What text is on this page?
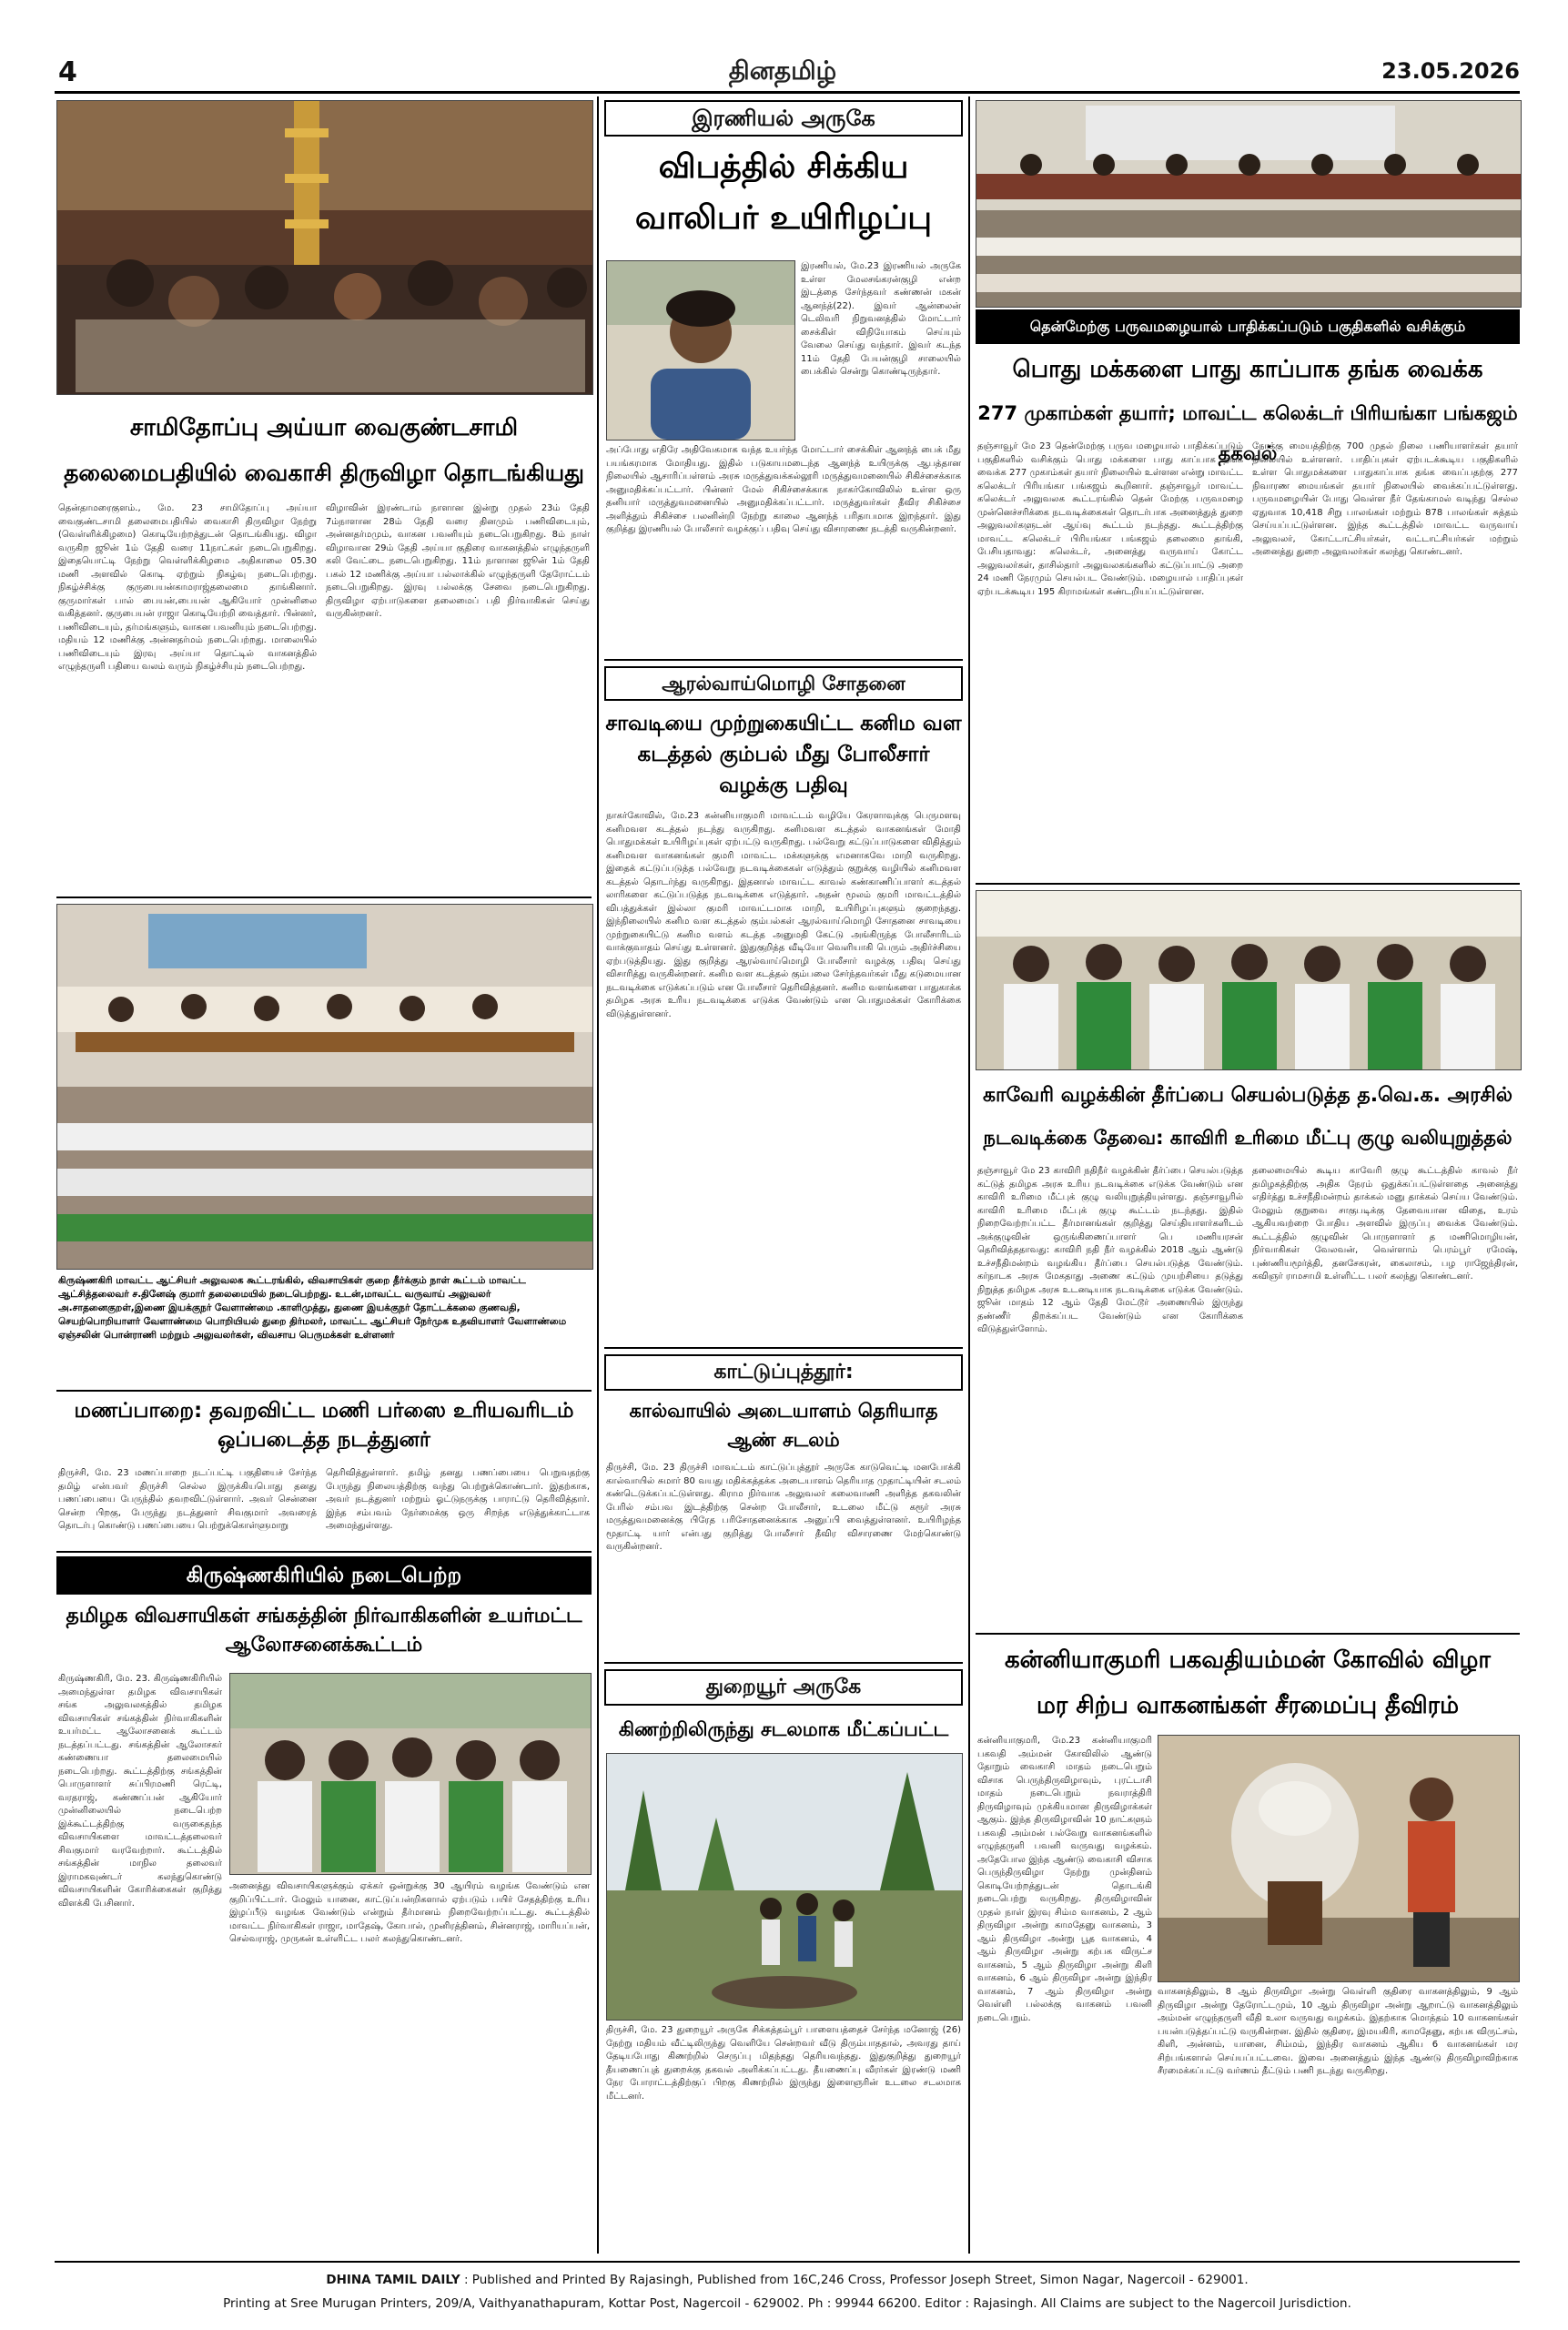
4	தினதமிழ்	23.05.2026
சாமிதோப்பு அய்யா வைகுண்டசாமி
தலைமைபதியில் வைகாசி திருவிழா தொடங்கியது
தென்தாமரைகுளம்., மே. 23 சாமிதோப்பு அய்யா வைகுண்டசாமி தலைமைபதியில் வைகாசி திருவிழா நேற்று (வெள்ளிக்கிழமை) கொடியேற்றத்துடன் தொடங்கியது. விழா வருகிற ஜூன் 1ம் தேதி வரை 11நாட்கள் நடைபெறுகிறது. இதையொட்டி நேற்று வெள்ளிக்கிழமை அதிகாலை 05.30 மணி அளவில் கொடி ஏற்றும் நிகழ்வு நடைபெற்றது. நிகழ்ச்சிக்கு குருபையன்காமராஜ்தலைமை தாங்கினார். குருமார்கள் பால் பையன்,பையன் ஆகியோர் முன்னிலை வகித்தனர். குருபையன் ராஜா கொடியேற்றி வைத்தார். பின்னர், பணிவிடையும், தர்மங்களும், வாகன பவனியும் நடைபெற்றது. மதியம் 12 மணிக்கு அன்னதர்மம் நடைபெற்றது. மாலையில் பணிவிடையும் இரவு அய்யா தொட்டில் வாகனத்தில் எழுந்தருளி பதியை வலம் வரும் நிகழ்ச்சியும் நடைபெற்றது.
விழாவின் இரண்டாம் நாளான இன்று முதல் 23ம் தேதி 7ம்நாளான 28ம் தேதி வரை தினமும் பணிவிடையும், அன்னதர்மமும், வாகன பவனியும் நடைபெறுகிறது. 8ம் நாள் விழாவான 29ம் தேதி அய்யா குதிரை வாகனத்தில் எழுந்தருளி கலி வேட்டை நடைபெறுகிறது. 11ம் நாளான ஜூன் 1ம் தேதி பகல் 12 மணிக்கு அய்யா பல்லாக்கில் எழுந்தருளி தேரோட்டம் நடைபெறுகிறது. இரவு பல்லக்கு சேவை நடைபெறுகிறது. திருவிழா ஏற்பாடுகளை தலைமைப் பதி நிர்வாகிகள் செய்து வருகின்றனர்.
கிருஷ்ணகிரி மாவட்ட ஆட்சியர் அலுவலக கூட்டரங்கில், விவசாயிகள் குறை தீர்க்கும் நாள் கூட்டம் மாவட்ட ஆட்சித்தலைவர் ச.தினேஷ் குமார் தலைமையில் நடைபெற்றது. உடன்,மாவட்ட வருவாய் அலுவலர் அ.சாதனைகுறள்,இணை இயக்குநர் வேளாண்மை .காளிமுத்து, துணை இயக்குநர் தோட்டக்கலை குணவதி, செயற்பொறியாளர் வேளாண்மை பொறியியல் துறை திர்மலர், மாவட்ட ஆட்சியர் நேர்முக உதவியாளர் வேளாண்மை ஏஞ்சலின் பொன்ராணி மற்றும் அலுவலர்கள், விவசாய பெருமக்கள் உள்ளனர்
மணப்பாறை: தவறவிட்ட மணி பர்ஸை உரியவரிடம் ஒப்படைத்த நடத்துனர்
திருச்சி, மே. 23 மணப்பாறை நடப்பட்டி பகுதியைச் சேர்ந்த தமிழ் என்பவர் திருச்சி செல்ல இருக்கியபொது தனது பணப்பையை பேருந்தில் தவறவிட்டுள்ளார். அவர் சென்னை சென்ற பிறகு, பேருந்து நடத்துனர் சிவகுமார் அவரைத் தொடர்பு கொண்டு பணப்பையை பெற்றுக்கொள்ளுமாறு
தெரிவித்துள்ளார். தமிழ் தனது பணப்பையை பெறுவதற்கு பேருந்து நிலையத்திற்கு வந்து பெற்றுக்கொண்டார். இதற்காக, அவர் நடத்துனர் மற்றும் ஓட்டுநருக்கு பாராட்டு தெரிவித்தார். இந்த சம்பவம் நேர்மைக்கு ஒரு சிறந்த எடுத்துக்காட்டாக அமைந்துள்ளது.
கிருஷ்ணகிரியில் நடைபெற்ற
தமிழக விவசாயிகள் சங்கத்தின் நிர்வாகிகளின் உயர்மட்ட ஆலோசனைக்கூட்டம்
கிருஷ்ணகிரி, மே. 23. கிருஷ்ணகிரியில் அமைந்துள்ள தமிழக விவசாயிகள் சங்க அலுவலகத்தில் தமிழக விவசாயிகள் சங்கத்தின் நிர்வாகிகளின் உயர்மட்ட ஆலோசனைக் கூட்டம் நடத்தப்பட்டது. சங்கத்தின் ஆலோசகர் கண்ணையா தலைமையில் நடைபெற்றது. கூட்டத்திற்கு சங்கத்தின் பொருளாளர் சுப்பிரமணி ரெட்டி, வரதராஜ், கண்ணப்பன் ஆகியோர் முன்னிலையில் நடைபெற்ற இக்கூட்டத்திற்கு வருகைதந்த விவசாயிகளை மாவட்டத்தலைவர் சிவகுமார் வரவேற்றார். கூட்டத்தில் சங்கத்தின் மாநில தலைவர் இராமகவுண்டர் கலந்துகொண்டு விவசாயிகளின் கோரிக்கைகள் குறித்து விளக்கி பேசினார்.
அனைத்து விவசாயிகளுக்கும் ஏக்கர் ஒன்றுக்கு 30 ஆயிரம் வழங்க வேண்டும் என குறிப்பிட்டார். மேலும் யானை, காட்டுப்பன்றிகளால் ஏற்படும் பயிர் சேதத்திற்கு உரிய இழப்பீடு வழங்க வேண்டும் என்றும் தீர்மானம் நிறைவேற்றப்பட்டது. கூட்டத்தில் மாவட்ட நிர்வாகிகள் ராஜா, மாதேஷ், கோபால், முனிரத்தினம், சின்னராஜ், மாரியப்பன், செல்வராஜ், முருகன் உள்ளிட்ட பலர் கலந்துகொண்டனர்.
இரணியல் அருகே
விபத்தில் சிக்கிய வாலிபர் உயிரிழப்பு
இரணியல், மே.23 இரணியல் அருகே உள்ள மேலசங்கரன்குழி என்ற இடத்தை சேர்ந்தவர் கண்ணன் மகன் ஆனந்த்(22). இவர் ஆன்லைன் டெலிவரி நிறுவனத்தில் மோட்டார் சைக்கிள் விநியோகம் செய்யும் வேலை செய்து வந்தார். இவர் கடந்த 11ம் தேதி பேயன்குழி சாலையில் பைக்கில் சென்று கொண்டிருந்தார்.
அப்போது எதிரே அதிவேகமாக வந்த உயர்ந்த மோட்டார் சைக்கிள் ஆனந்த் பைக் மீது பயங்கரமாக மோதியது. இதில் படுகாயமடைந்த ஆனந்த் உயிருக்கு ஆபத்தான நிலையில் ஆசாரிப்பள்ளம் அரசு மருத்துவக்கல்லூரி மருத்துவமனையில் சிகிச்சைக்காக அனுமதிக்கப்பட்டார். பின்னர் மேல் சிகிச்சைக்காக நாகர்கோவிலில் உள்ள ஒரு தனியார் மருத்துவமனையில் அனுமதிக்கப்பட்டார். மருத்துவர்கள் தீவிர சிகிச்சை அளித்தும் சிகிச்சை பலனின்றி நேற்று காலை ஆனந்த் பரிதாபமாக இறந்தார். இது குறித்து இரணியல் போலீசார் வழக்குப் பதிவு செய்து விசாரணை நடத்தி வருகின்றனர்.
ஆரல்வாய்மொழி சோதனை
சாவடியை முற்றுகையிட்ட கனிம வள கடத்தல் கும்பல் மீது போலீசார் வழக்கு பதிவு
நாகர்கோவில், மே.23 கன்னியாகுமரி மாவட்டம் வழியே கேரளாவுக்கு பெருமளவு கனிமவள கடத்தல் நடந்து வருகிறது. கனிமவள கடத்தல் வாகனங்கள் மோதி பொதுமக்கள் உயிரிழப்புகள் ஏற்பட்டு வருகிறது. பல்வேறு கட்டுப்பாடுகளை விதித்தும் கனிமவள வாகனங்கள் குமரி மாவட்ட மக்களுக்கு எமனாகவே மாறி வருகிறது. இதைக் கட்டுப்படுத்த பல்வேறு நடவடிக்கைகள் எடுத்தும் குறுக்கு வழியில் கனிமவள கடத்தல் தொடர்ந்து வருகிறது. இதனால் மாவட்ட காவல் கண்காணிப்பாளர் கடத்தல் லாரிகளை கட்டுப்படுத்த நடவடிக்கை எடுத்தார். அதன் மூலம் குமரி மாவட்டத்தில் விபத்துக்கள் இல்லா குமரி மாவட்டமாக மாறி, உயிரிழப்புகளும் குறைந்தது. இந்நிலையில் கனிம வள கடத்தல் கும்பல்கள் ஆரல்வாய்மொழி சோதனை சாவடியை முற்றுகையிட்டு கனிம வளம் கடத்த அனுமதி கேட்டு அங்கிருந்த போலீசாரிடம் வாக்குவாதம் செய்து உள்ளனர். இதுகுறித்த வீடியோ வெளியாகி பெரும் அதிர்ச்சியை ஏற்படுத்தியது. இது குறித்து ஆரல்வாய்மொழி போலீசார் வழக்கு பதிவு செய்து விசாரித்து வருகின்றனர். கனிம வள கடத்தல் கும்பலை சேர்ந்தவர்கள் மீது கடுமையான நடவடிக்கை எடுக்கப்படும் என போலீசார் தெரிவித்தனர். கனிம வளங்களை பாதுகாக்க தமிழக அரசு உரிய நடவடிக்கை எடுக்க வேண்டும் என பொதுமக்கள் கோரிக்கை விடுத்துள்ளனர்.
காட்டுப்புத்தூர்:
கால்வாயில் அடையாளம் தெரியாத ஆண் சடலம்
திருச்சி, மே. 23 திருச்சி மாவட்டம் காட்டுப்புத்தூர் அருகே காடுவெட்டி மனபோக்கி கால்வாயில் சுமார் 80 வயது மதிக்கத்தக்க அடையாளம் தெரியாத முதாட்டியின் சடலம் கண்டெடுக்கப்பட்டுள்ளது. கிராம நிர்வாக அலுவலர் கலைவாணி அளித்த தகவலின் பேரில் சம்பவ இடத்திற்கு சென்ற போலீசார், உடலை மீட்டு கரூர் அரசு மருத்துவமனைக்கு பிரேத பரிசோதனைக்காக அனுப்பி வைத்துள்ளனர். உயிரிழந்த மூதாட்டி யார் என்பது குறித்து போலீசார் தீவிர விசாரணை மேற்கொண்டு வருகின்றனர்.
துறையூர் அருகே
கிணற்றிலிருந்து சடலமாக மீட்கப்பட்ட
திருச்சி, மே. 23 துறையூர் அருகே சிக்கத்தம்பூர் பாளையத்தைச் சேர்ந்த மனோஜ் (26) நேற்று மதியம் வீட்டிலிருந்து வெளியே சென்றவர் வீடு திரும்பாததால், அவரது தாய் தேடியபோது கிணற்றில் செருப்பு மிதந்தது தெரியவந்தது. இதுகுறித்து துறையூர் தீயணைப்புத் துறைக்கு தகவல் அளிக்கப்பட்டது. தீயணைப்பு வீரர்கள் இரண்டு மணி நேர போராட்டத்திற்குப் பிறகு கிணற்றில் இருந்து இளைஞரின் உடலை சடலமாக மீட்டனர்.
தென்மேற்கு பருவமழையால் பாதிக்கப்படும் பகுதிகளில் வசிக்கும்
பொது மக்களை பாது காப்பாக தங்க வைக்க
277 முகாம்கள் தயார்; மாவட்ட கலெக்டர் பிரியங்கா பங்கஜம் தகவல்
தஞ்சாவூர் மே 23 தென்மேற்கு பருவ மழையால் பாதிக்கப்படும் பகுதிகளில் வசிக்கும் பொது மக்களை பாது காப்பாக தங்க வைக்க 277 முகாம்கள் தயார் நிலையில் உள்ளன என்று மாவட்ட கலெக்டர் பிரியங்கா பங்கஜம் கூறினார். தஞ்சாவூர் மாவட்ட கலெக்டர் அலுவலக கூட்டரங்கில் தென் மேற்கு பருவமழை முன்னெச்சரிக்கை நடவடிக்கைகள் தொடர்பாக அனைத்துத் துறை அலுவலர்களுடன் ஆய்வு கூட்டம் நடந்தது. கூட்டத்திற்கு மாவட்ட கலெக்டர் பிரியங்கா பங்கஜம் தலைமை தாங்கி, பேசியதாவது: கலெக்டர், அனைத்து வருவாய் கோட்ட அலுவலர்கள், தாசில்தார் அலுவலகங்களில் கட்டுப்பாட்டு அறை 24 மணி நேரமும் செயல்பட வேண்டும். மழையால் பாதிப்புகள் ஏற்படக்கூடிய 195 கிராமங்கள் கண்டறியப்பட்டுள்ளன.
நோக்கு மையத்திற்கு 700 முதல் நிலை பணியாளர்கள் தயார் நிலையில் உள்ளனர். பாதிப்புகள் ஏற்படக்கூடிய பகுதிகளில் உள்ள பொதுமக்களை பாதுகாப்பாக தங்க வைப்பதற்கு 277 நிவாரண மையங்கள் தயார் நிலையில் வைக்கப்பட்டுள்ளது. பருவமழையின் போது வெள்ள நீர் தேங்காமல் வடிந்து செல்ல ஏதுவாக 10,418 சிறு பாலங்கள் மற்றும் 878 பாலங்கள் சுத்தம் செய்யப்பட்டுள்ளன. இந்த கூட்டத்தில் மாவட்ட வருவாய் அலுவலர், கோட்டாட்சியர்கள், வட்டாட்சியர்கள் மற்றும் அனைத்து துறை அலுவலர்கள் கலந்து கொண்டனர்.
காவேரி வழக்கின் தீர்ப்பை செயல்படுத்த த.வெ.க. அரசில்
நடவடிக்கை தேவை: காவிரி உரிமை மீட்பு குழு வலியுறுத்தல்
தஞ்சாவூர் மே 23 காவிரி நதிநீர் வழக்கின் தீர்ப்பை செயல்படுத்த கட்டுத் தமிழக அரசு உரிய நடவடிக்கை எடுக்க வேண்டும் என காவிரி உரிமை மீட்புக் குழு வலியுறுத்தியுள்ளது. தஞ்சாவூரில் காவிரி உரிமை மீட்புக் குழு கூட்டம் நடந்தது. இதில் நிறைவேற்றப்பட்ட தீர்மானங்கள் குறித்து செய்தியாளர்களிடம் அக்குழுவின் ஒருங்கிணைப்பாளர் பெ மணியரசன் தெரிவித்ததாவது: காவிரி நதி நீர் வழக்கில் 2018 ஆம் ஆண்டு உச்சநீதிமன்றம் வழங்கிய தீர்ப்பை செயல்படுத்த வேண்டும். கர்நாடக அரசு மேகதாது அணை கட்டும் முயற்சியை தடுத்து நிறுத்த தமிழக அரசு உடனடியாக நடவடிக்கை எடுக்க வேண்டும். ஜூன் மாதம் 12 ஆம் தேதி மேட்டூர் அணையில் இருந்து தண்ணீர் திறக்கப்பட வேண்டும் என கோரிக்கை விடுத்துள்ளோம்.
தலைமையில் கூடிய காவேரி குழு கூட்டத்தில் காவல் நீர் தமிழகத்திற்கு அதிக நேரம் ஒதுக்கப்பட்டுள்ளதை அனைத்து எதிர்த்து உச்சநீதிமன்றம் தாக்கல் மனு தாக்கல் செய்ய வேண்டும். மேலும் குறுவை சாகுபடிக்கு தேவையான விதை, உரம் ஆகியவற்றை போதிய அளவில் இருப்பு வைக்க வேண்டும். கூட்டத்தில் குழுவின் பொருளாளர் த மணிமொழியன், நிர்வாகிகள் வேலவன், வெள்ளாம் பெரம்பூர் ரமேஷ், புண்ணியமூர்த்தி, தனசேகரன், கைலாசம், பழ ராஜேந்திரன், கவிஞர் ராமசாமி உள்ளிட்ட பலர் கலந்து கொண்டனர்.
கன்னியாகுமரி பகவதியம்மன் கோவில் விழா
மர சிற்ப வாகனங்கள் சீரமைப்பு தீவிரம்
கன்னியாகுமரி, மே.23 கன்னியாகுமரி பகவதி அம்மன் கோவிலில் ஆண்டு தோறும் வைகாசி மாதம் நடைபெறும் விசாக பெருந்திருவிழாவும், புரட்டாசி மாதம் நடைபெறும் நவராத்திரி திருவிழாவும் முக்கியமான திருவிழாக்கள் ஆகும். இந்த திருவிழாவின் 10 நாட்களும் பகவதி அம்மன் பல்வேறு வாகனங்களில் எழுந்தருளி பவனி வருவது வழக்கம். அதேபோல இந்த ஆண்டு வைகாசி விசாக பெருந்திருவிழா நேற்று முன்தினம் கொடியேற்றத்துடன் தொடங்கி நடைபெற்று வருகிறது. திருவிழாவின் முதல் நாள் இரவு சிம்ம வாகனம், 2 ஆம் திருவிழா அன்று காமதேனு வாகனம், 3 ஆம் திருவிழா அன்று பூத வாகனம், 4 ஆம் திருவிழா அன்று கற்பக விருட்ச வாகனம், 5 ஆம் திருவிழா அன்று கிளி வாகனம், 6 ஆம் திருவிழா அன்று இந்திர வாகனம், 7 ஆம் திருவிழா அன்று வெள்ளி பல்லக்கு வாகனம் பவனி நடைபெறும்.
வாகனத்திலும், 8 ஆம் திருவிழா அன்று வெள்ளி குதிரை வாகனத்திலும், 9 ஆம் திருவிழா அன்று தேரோட்டமும், 10 ஆம் திருவிழா அன்று ஆறாட்டு வாகனத்திலும் அம்மன் எழுந்தருளி வீதி உலா வருவது வழக்கம். இதற்காக மொத்தம் 10 வாகனங்கள் பயன்படுத்தப்பட்டு வருகின்றன. இதில் குதிரை, இமயகிரி, காமதேனு, கற்பக விருட்சம், கிளி, அன்னம், யானை, சிம்மம், இந்திர வாகனம் ஆகிய 6 வாகனங்கள் மர சிற்பங்களால் செய்யப்பட்டவை. இவை அனைத்தும் இந்த ஆண்டு திருவிழாவிற்காக சீரமைக்கப்பட்டு வர்ணம் தீட்டும் பணி நடந்து வருகிறது.
DHINA TAMIL DAILY : Published and Printed By Rajasingh, Published from 16C,246 Cross, Professor Joseph Street, Simon Nagar, Nagercoil - 629001.
Printing at Sree Murugan Printers, 209/A, Vaithyanathapuram, Kottar Post, Nagercoil - 629002. Ph : 99944 66200. Editor : Rajasingh. All Claims are subject to the Nagercoil Jurisdiction.
